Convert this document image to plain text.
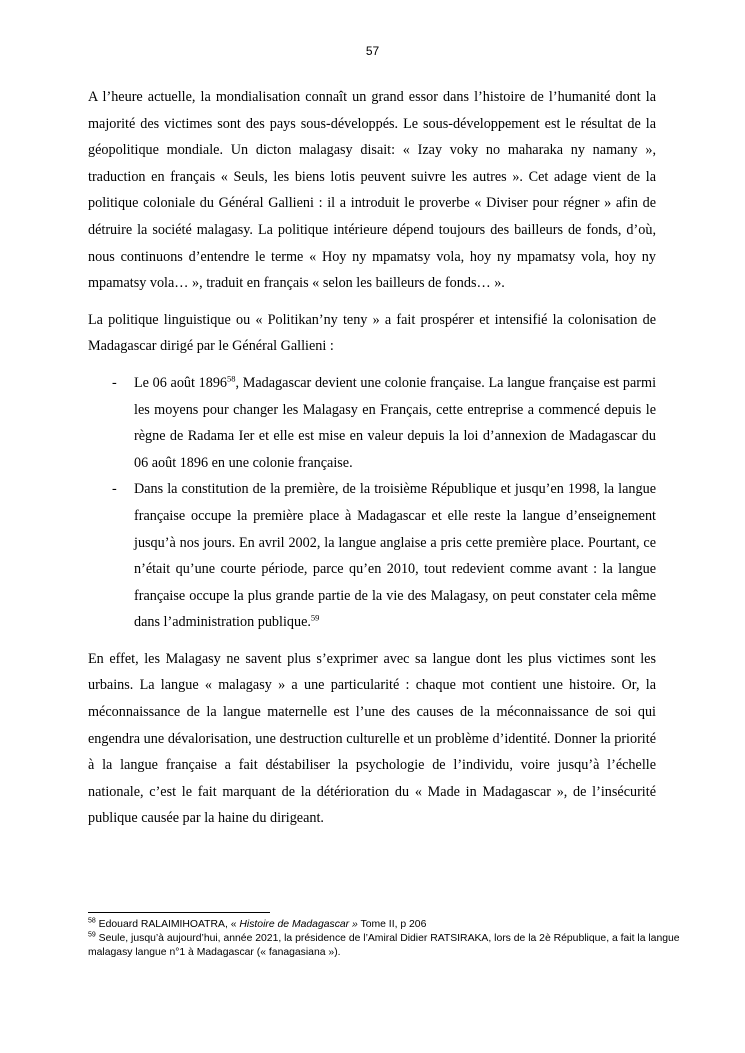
57

A l’heure actuelle, la mondialisation connaît un grand essor dans l’histoire de l’humanité dont la majorité des victimes sont des pays sous-développés. Le sous-développement est le résultat de la géopolitique mondiale. Un dicton malagasy disait: « Izay voky no maharaka ny namany », traduction en français « Seuls, les biens lotis peuvent suivre les autres ». Cet adage vient de la politique coloniale du Général Gallieni : il a introduit le proverbe « Diviser pour régner » afin de détruire la société malagasy. La politique intérieure dépend toujours des bailleurs de fonds, d’où, nous continuons d’entendre le terme « Hoy ny mpamatsy vola, hoy ny mpamatsy vola, hoy ny mpamatsy vola… », traduit en français « selon les bailleurs de fonds… ».

La politique linguistique ou « Politikan’ny teny » a fait prospérer et intensifié la colonisation de Madagascar dirigé par le Général Gallieni :

- Le 06 août 1896$^{58}$, Madagascar devient une colonie française. La langue française est parmi les moyens pour changer les Malagasy en Français, cette entreprise a commencé depuis le règne de Radama Ier et elle est mise en valeur depuis la loi d’annexion de Madagascar du 06 août 1896 en une colonie française.
- Dans la constitution de la première, de la troisième République et jusqu’en 1998, la langue française occupe la première place à Madagascar et elle reste la langue d’enseignement jusqu’à nos jours. En avril 2002, la langue anglaise a pris cette première place. Pourtant, ce n’était qu’une courte période, parce qu’en 2010, tout redevient comme avant : la langue française occupe la plus grande partie de la vie des Malagasy, on peut constater cela même dans l’administration publique.$^{59}$

En effet, les Malagasy ne savent plus s’exprimer avec sa langue dont les plus victimes sont les urbains. La langue « malagasy » a une particularité : chaque mot contient une histoire. Or, la méconnaissance de la langue maternelle est l’une des causes de la méconnaissance de soi qui engendra une dévalorisation, une destruction culturelle et un problème d’identité. Donner la priorité à la langue française a fait déstabiliser la psychologie de l’individu, voire jusqu’à l’échelle nationale, c’est le fait marquant de la détérioration du « Made in Madagascar », de l’insécurité publique causée par la haine du dirigeant.

$^{58}$ Edouard RALAIMIHOATRA, « Histoire de Madagascar » Tome II, p 206
$^{59}$ Seule, jusqu’à aujourd’hui, année 2021, la présidence de l’Amiral Didier RATSIRAKA, lors de la 2è République, a fait la langue malagasy langue n°1 à Madagascar (« fanagasiana »).
